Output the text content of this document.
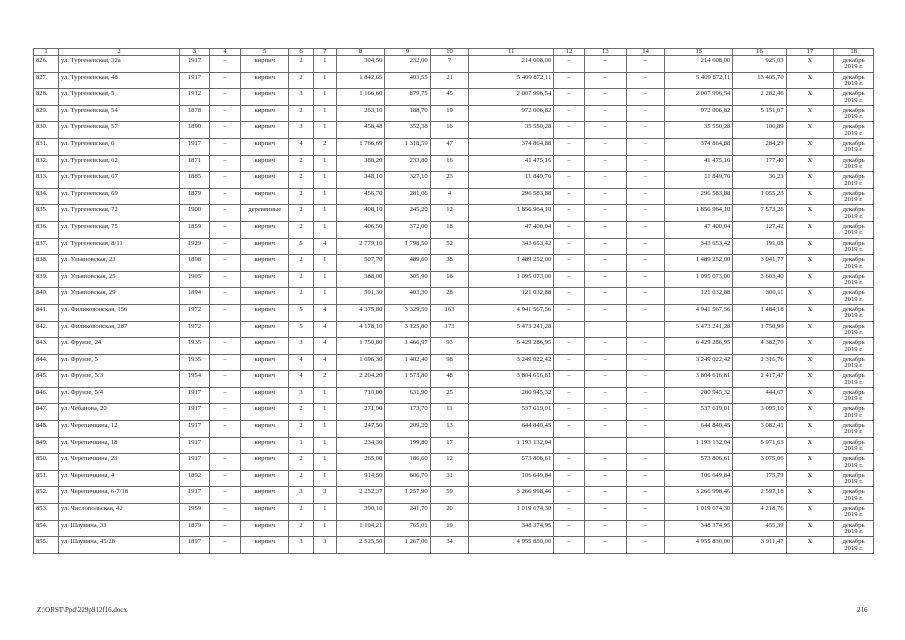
1	2	3	4	5	6	7	8	9	10	11	12	13	14	15	16	17	18
826.	ул. Тургеневская, 32а	1917	–	кирпич	2	1	304,50	232,00	7	214 608,00	–	–	–	214 608,00	925,03	X	декабрь
2019 г.

827.	ул. Тургеневская, 48	1917	–	кирпич	2	1	1 842,65	403,55	21	5 409 872,11	–	–	–	5 409 872,11	13 405,70	X	декабрь
2019 г.

828.	ул. Тургеневская, 5	1912	–	кирпич	3	1	1 166,60	879,75	45	2 007 996,54	–	–	–	2 007 996,54	2 282,46	X	декабрь
2019 г.

829.	ул. Тургеневская, 54	1878	–	кирпич	2	1	263,10	188,70	19	972 006,82	–	–	–	972 006,82	5 151,07	X	декабрь
2019 г.

830.	ул. Тургеневская, 57	1890	–	кирпич	3	1	458,48	352,38	16	35 550,28	–	–	–	35 550,28	100,89	X	декабрь
2019 г.

831.	ул. Тургеневская, 6	1917	–	кирпич	4	2	1 766,69	1 318,59	47	374 864,88	–	–	–	374 864,88	284,29	X	декабрь
2019 г.

832.	ул. Тургеневская, 62	1871	–	кирпич	2	1	388,20	233,80	16	41 475,16	–	–	–	41 475,16	177,40	X	декабрь
2019 г.

833.	ул. Тургеневская, 67	1885	–	кирпич	2	1	348,10	327,10	23	11 849,76	–	–	–	11 849,76	36,23	X	декабрь
2019 г.

834.	ул. Тургеневская, 69	1879	–	кирпич	2	1	456,70	281,06	4	296 583,88	–	–	–	296 583,88	1 055,23	X	декабрь
2019 г.

835.	ул. Тургеневская, 72	1900	–	деревянные	2	1	408,10	245,20	12	1 856 964,10	–	–	–	1 856 964,10	7 573,26	X	декабрь
2019 г.

836.	ул. Тургеневская, 75	1859	–	кирпич	2	1	406,50	372,00	18	47 400,04	–	–	–	47 400,04	127,42	X	декабрь
2019 г.

837.	ул. Тургеневская, 8/11	1929	–	кирпич	5	4	2 779,10	1 798,50	52	343 653,42	–	–	–	343 653,42	191,08	X	декабрь
2019 г.

838.	ул. Ульяновская, 23	1898	–	кирпич	2	1	507,70	489,60	38	1 489 252,00	–	–	–	1 489 252,00	3 041,77	X	декабрь
2019 г.

839.	ул. Ульяновская, 25	1905	–	кирпич	2	1	388,00	305,90	16	1 095 073,00	–	–	–	1 095 073,00	3 603,40	X	декабрь
2019 г.

840.	ул. Ульяновская, 29	1894	–	кирпич	2	1	591,30	403,30	28	121 032,88	–	–	–	121 032,88	300,11	X	декабрь
2019 г.

841.	ул. Филиковонская, 156	1972	–	кирпич	5	4	4 375,80	3 329,50	163	4 941 567,56	–	–	–	4 941 567,56	1 484,18	X	декабрь
2019 г.

842.	ул. Филиковонская, 287	1972		кирпич	5	4	4 178,10	3 125,80	173	5 473 241,28				5 473 241,28	1 750,99	X	декабрь
2019 г.

843.	ул. Фрунзе, 24	1935	–	кирпич	3	4	1 750,80	1 466,97	93	6 429 286,95	–	–	–	6 429 286,95	4 382,70	X	декабрь
2019 г.

844.	ул. Фрунзе, 5	1935	–	кирпич	4	4	1 696,30	1 402,40	98	3 249 022,42	–	–	–	3 249 022,42	2 316,76	X	декабрь
2019 г.

845.	ул. Фрунзе, 5/3	1954	–	кирпич	4	2	2 204,20	1 573,80	48	3 804 616,81	–	–	–	3 804 616,81	2 417,47	X	декабрь
2019 г.

846.	ул. Фрунзе, 5/4	1917	–	кирпич	3	1	710,80	631,90	25	280 945,32	–	–	–	280 945,32	444,67	X	декабрь
2019 г.

847.	ул. Чебанова, 20	1917	–	кирпич	2	1	271,90	173,70	11	537 619,01	–	–	–	537 619,01	3 095,10	X	декабрь
2019 г.

848.	ул. Черепичкина, 12	1917	–	кирпич	2	1	247,50	209,20	13	644 840,45	–	–	–	644 840,45	3 082,41	X	декабрь
2019 г.

849.	ул. Черепичкина, 18	1917		кирпич	1	1	234,30	199,80	17	1 193 132,04				1 193 132,04	5 971,63	X	декабрь
2019 г.

850.	ул. Черепичкина, 23	1917	–	кирпич	2	1	265,00	186,60	12	573 806,61	–	–	–	573 806,61	3 075,06	X	декабрь
2019 г.

851.	ул. Черепичкина, 4	1892	–	кирпич	2	1	914,50	606,70	31	106 649,84	–	–	–	106 649,84	175,79	X	декабрь
2019 г.

852.	ул. Черепичкина, 6-7/18	1917	–	кирпич	3	3	2 252,37	1 257,90	59	3 266 998,46	–	–	–	3 266 998,46	2 597,18	X	декабрь
2019 г.

853.	ул. Числопольская, 42	1959	–	кирпич	2	1	390,10	241,70	20	1 019 674,30	–	–	–	1 019 674,30	4 218,76	X	декабрь
2019 г.

854.	ул. Шаумяна, 33	1879	–	кирпич	2	1	1 104,21	765,01	19	348 374,95	–	–	–	348 374,95	455,39	X	декабрь
2019 г.

855.	ул. Шаумяна, 45/28	1897	–	кирпич	3	3	2 525,50	1 267,00	34	4 955 830,00	–	–	–	4 955 830,00	3 911,47	X	декабрь
2019 г.
Z:\ORST\Ppd\229p912f16.docx	216
